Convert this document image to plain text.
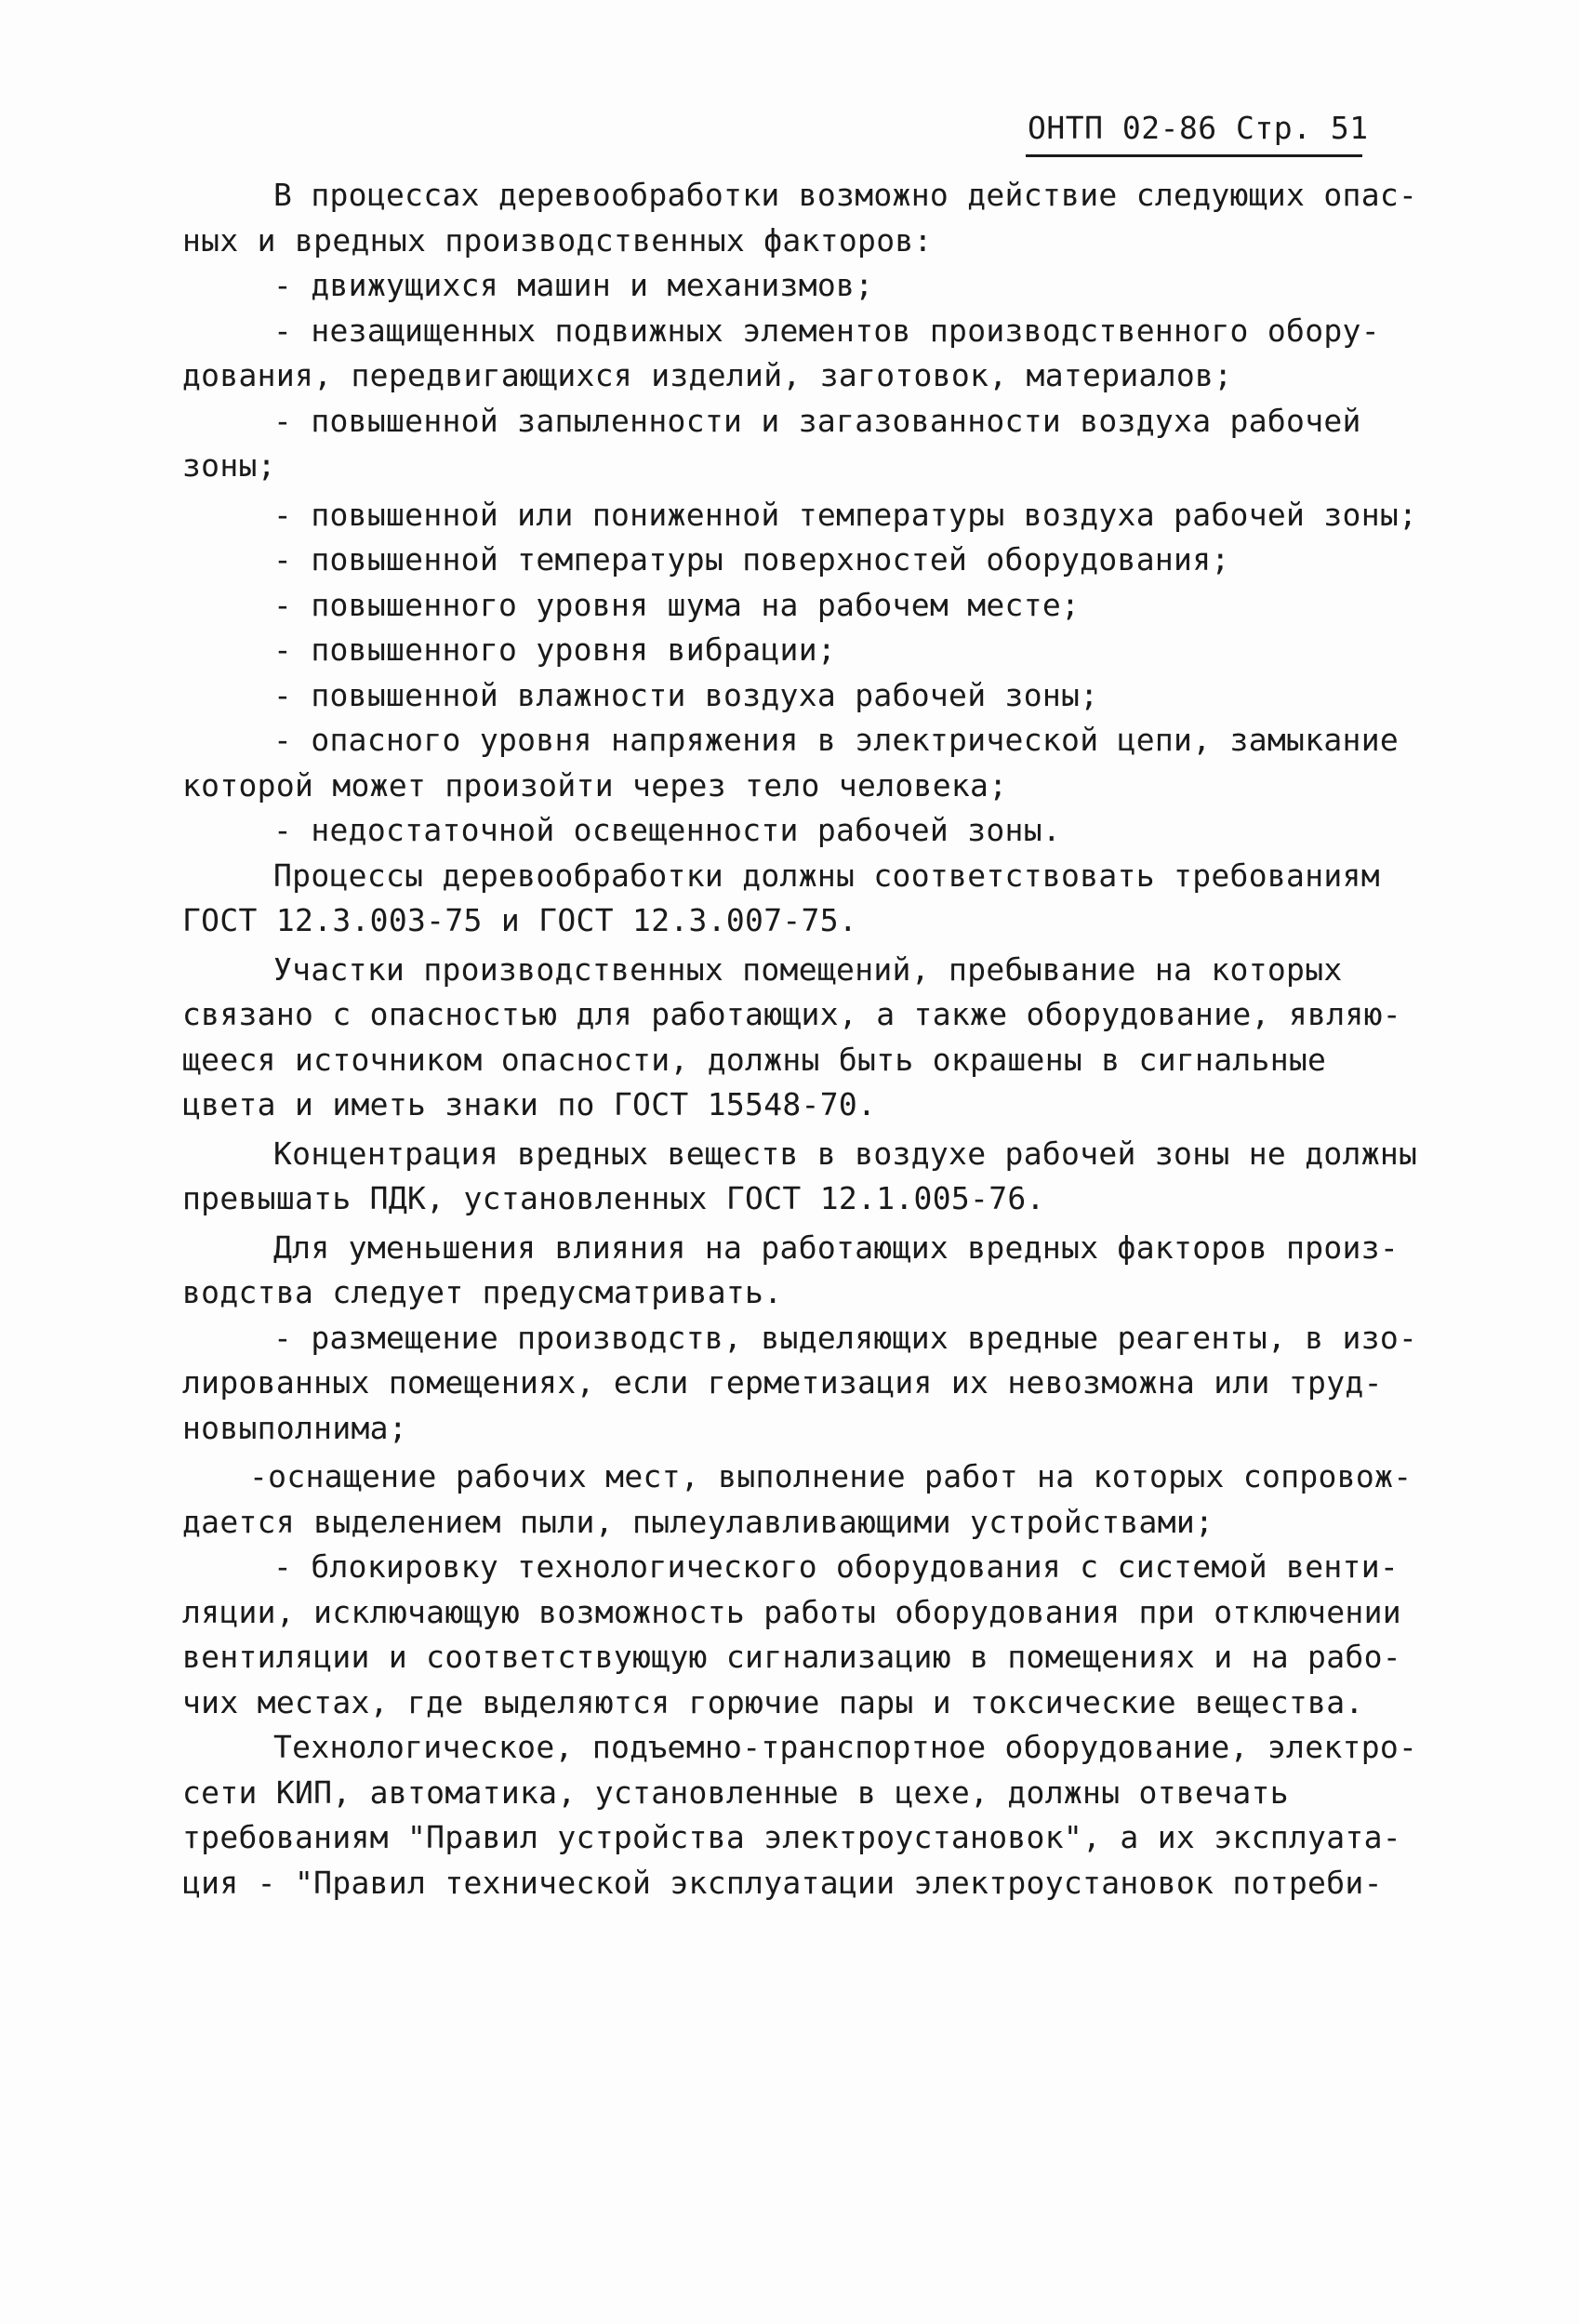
ОНТП 02-86 Стр. 51
В процессах деревообработки возможно действие следующих опас-
ных и вредных производственных факторов:
- движущихся машин и механизмов;
- незащищенных подвижных элементов производственного обору-
дования, передвигающихся изделий, заготовок, материалов;
- повышенной запыленности и загазованности воздуха рабочей
зоны;
- повышенной или пониженной температуры воздуха рабочей зоны;
- повышенной температуры поверхностей оборудования;
- повышенного уровня шума на рабочем месте;
- повышенного уровня вибрации;
- повышенной влажности воздуха рабочей зоны;
- опасного уровня напряжения в электрической цепи, замыкание
которой может произойти через тело человека;
- недостаточной освещенности рабочей зоны.
Процессы деревообработки должны соответствовать требованиям
ГОСТ 12.3.003-75 и ГОСТ 12.3.007-75.
Участки производственных помещений, пребывание на которых
связано с опасностью для работающих, а также оборудование, являю-
щееся источником опасности, должны быть окрашены в сигнальные
цвета и иметь знаки по ГОСТ 15548-70.
Концентрация вредных веществ в воздухе рабочей зоны не должны
превышать ПДК, установленных ГОСТ 12.1.005-76.
Для уменьшения влияния на работающих вредных факторов произ-
водства следует предусматривать.
- размещение производств, выделяющих вредные реагенты, в изо-
лированных помещениях, если герметизация их невозможна или труд-
новыполнима;
-оснащение рабочих мест, выполнение работ на которых сопровож-
дается выделением пыли, пылеулавливающими устройствами;
- блокировку технологического оборудования с системой венти-
ляции, исключающую возможность работы оборудования при отключении
вентиляции и соответствующую сигнализацию в помещениях и на рабо-
чих местах, где выделяются горючие пары и токсические вещества.
Технологическое, подъемно-транспортное оборудование, электро-
сети КИП, автоматика, установленные в цехе, должны отвечать
требованиям "Правил устройства электроустановок", а их эксплуата-
ция - "Правил технической эксплуатации электроустановок потреби-
